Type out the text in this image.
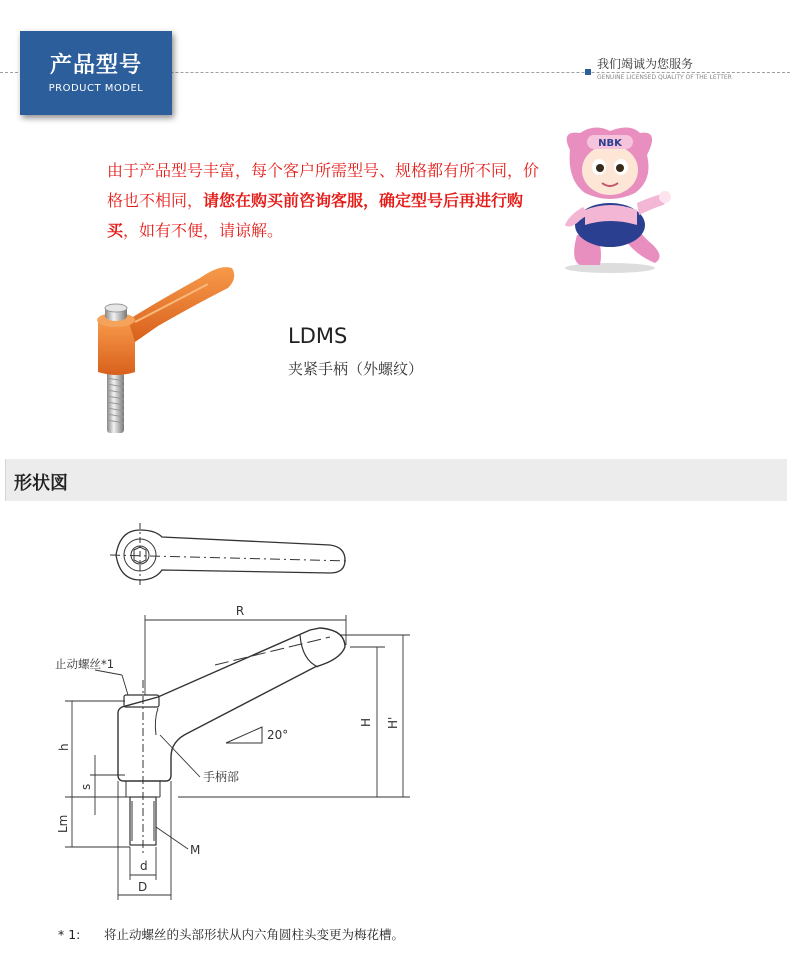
产品型号
PRODUCT MODEL
我们竭诚为您服务
GENUINE LICENSED QUALITY OF THE LETTER
由于产品型号丰富，每个客户所需型号、规格都有所不同，价格也不相同，请您在购买前咨询客服，确定型号后再进行购买，如有不便，请谅解。
NBK
LDMS
夹紧手柄（外螺纹）
形状図
20°
R
止动螺丝*1
H H'
h
s
Lm
手柄部
M
d
D
* 1: 将止动螺丝的头部形状从内六角圆柱头变更为梅花槽。
